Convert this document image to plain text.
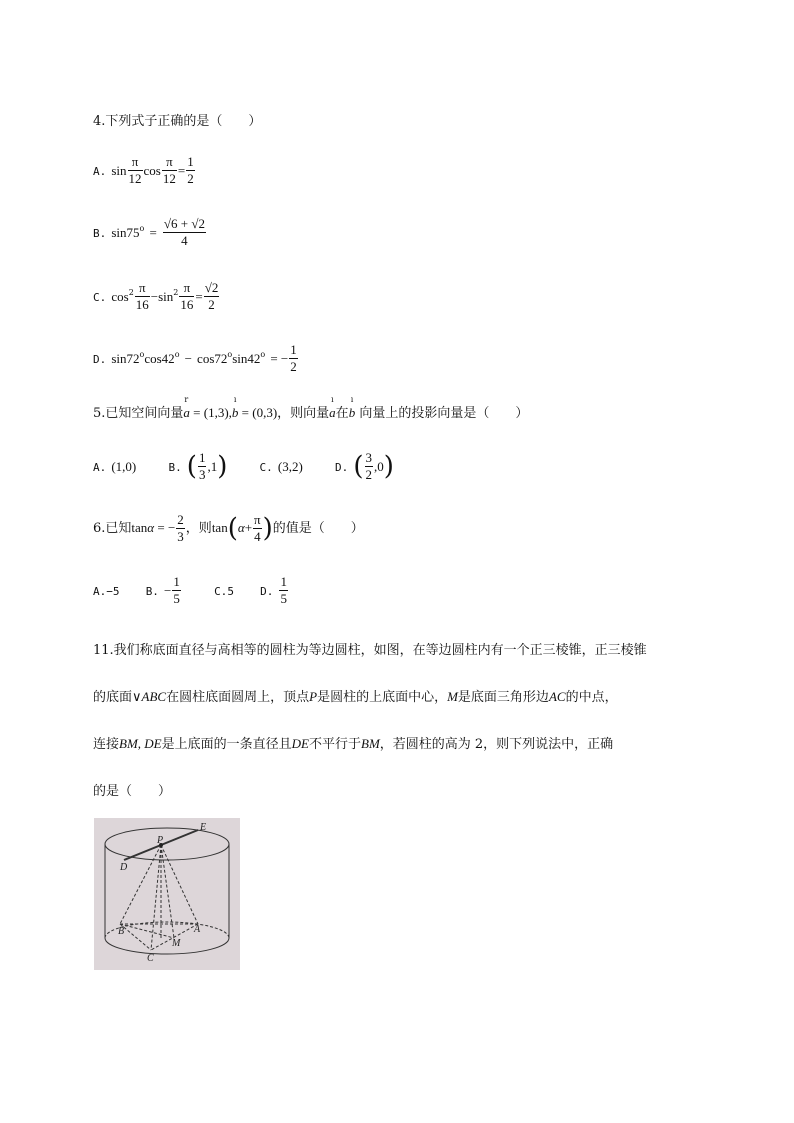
4.下列式子正确的是（　　）
A. $\sin \frac{\pi}{12}$ $\cos \frac{\pi}{12} = \frac{1}{2}$
B. $\sin 75^o = \frac{√6 + √2}{4}$
C. $\cos^2 \frac{\pi}{16} -\sin^2 \frac{\pi}{16} = \frac{√2}{2}$
D. $\sin 72^o\cos 42^o - \cos 72^o\sin 42^o$ = − $\frac{1}{2}$
5.已知空间向量
r
a = (1,3),
ı
b = (0,3)，则向量
ı
a在
ı
b 向量上的投影向量是（　　）
A. (1,0)	B. ( $\frac{1}{3} ,1$)	C. (3,2)	D. ( $\frac{3}{2} ,0$)
6.已知tanα = − $\frac{2}{3}$ ，则$\tan(\alpha+ \frac{\pi}{4}$ )的值是（　　）
A.−5 B. − $\frac{1}{5}$	C.5 D. $\frac{1}{5}$
11.我们称底面直径与高相等的圆柱为等边圆柱，如图，在等边圆柱内有一个正三棱锥，正三棱锥
的底面∨ABC在圆柱底面圆周上，顶点P是圆柱的上底面中心，M是底面三角形边AC的中点，
连接BM, DE是上底面的一条直径且DE不平行于BM，若圆柱的高为 2，则下列说法中，正确
的是（　　）
E
P
D
B	A
M
C
